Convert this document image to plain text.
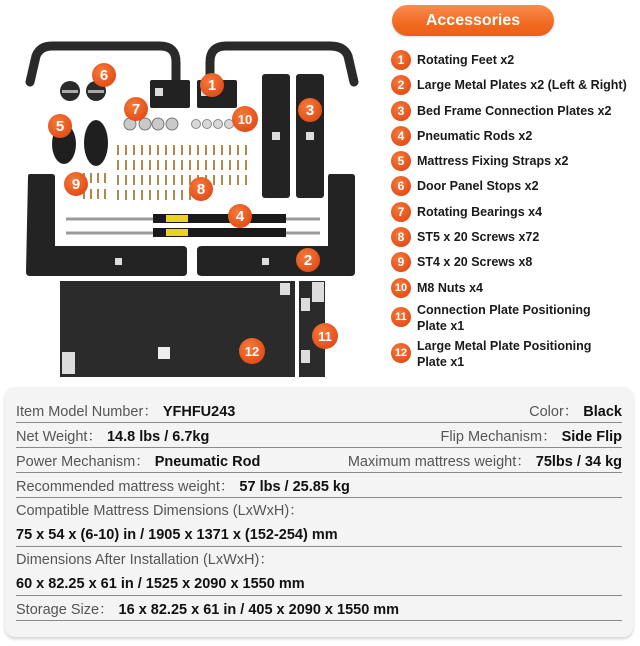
1
2
3
4
5
6
7
8
9
10
11
12
Accessories
1	Rotating Feet x2
2	Large Metal Plates x2 (Left & Right)
3	Bed Frame Connection Plates x2
4	Pneumatic Rods x2
5	Mattress Fixing Straps x2
6	Door Panel Stops x2
7	Rotating Bearings x4
8	ST5 x 20 Screws x72
9	ST4 x 20 Screws x8
10 M8 Nuts x4
11 Connection Plate Positioning Plate x1
12 Large Metal Plate Positioning Plate x1
Item Model Number： YFHFU243	Color： Black
Net Weight： 14.8 lbs / 6.7kg	Flip Mechanism： Side Flip
Power Mechanism： Pneumatic Rod	Maximum mattress weight： 75lbs / 34 kg
Recommended mattress weight： 57 lbs / 25.85 kg
Compatible Mattress Dimensions (LxWxH)：
75 x 54 x (6-10) in / 1905 x 1371 x (152-254) mm
Dimensions After Installation (LxWxH)：
60 x 82.25 x 61 in / 1525 x 2090 x 1550 mm
Storage Size： 16 x 82.25 x 61 in / 405 x 2090 x 1550 mm
